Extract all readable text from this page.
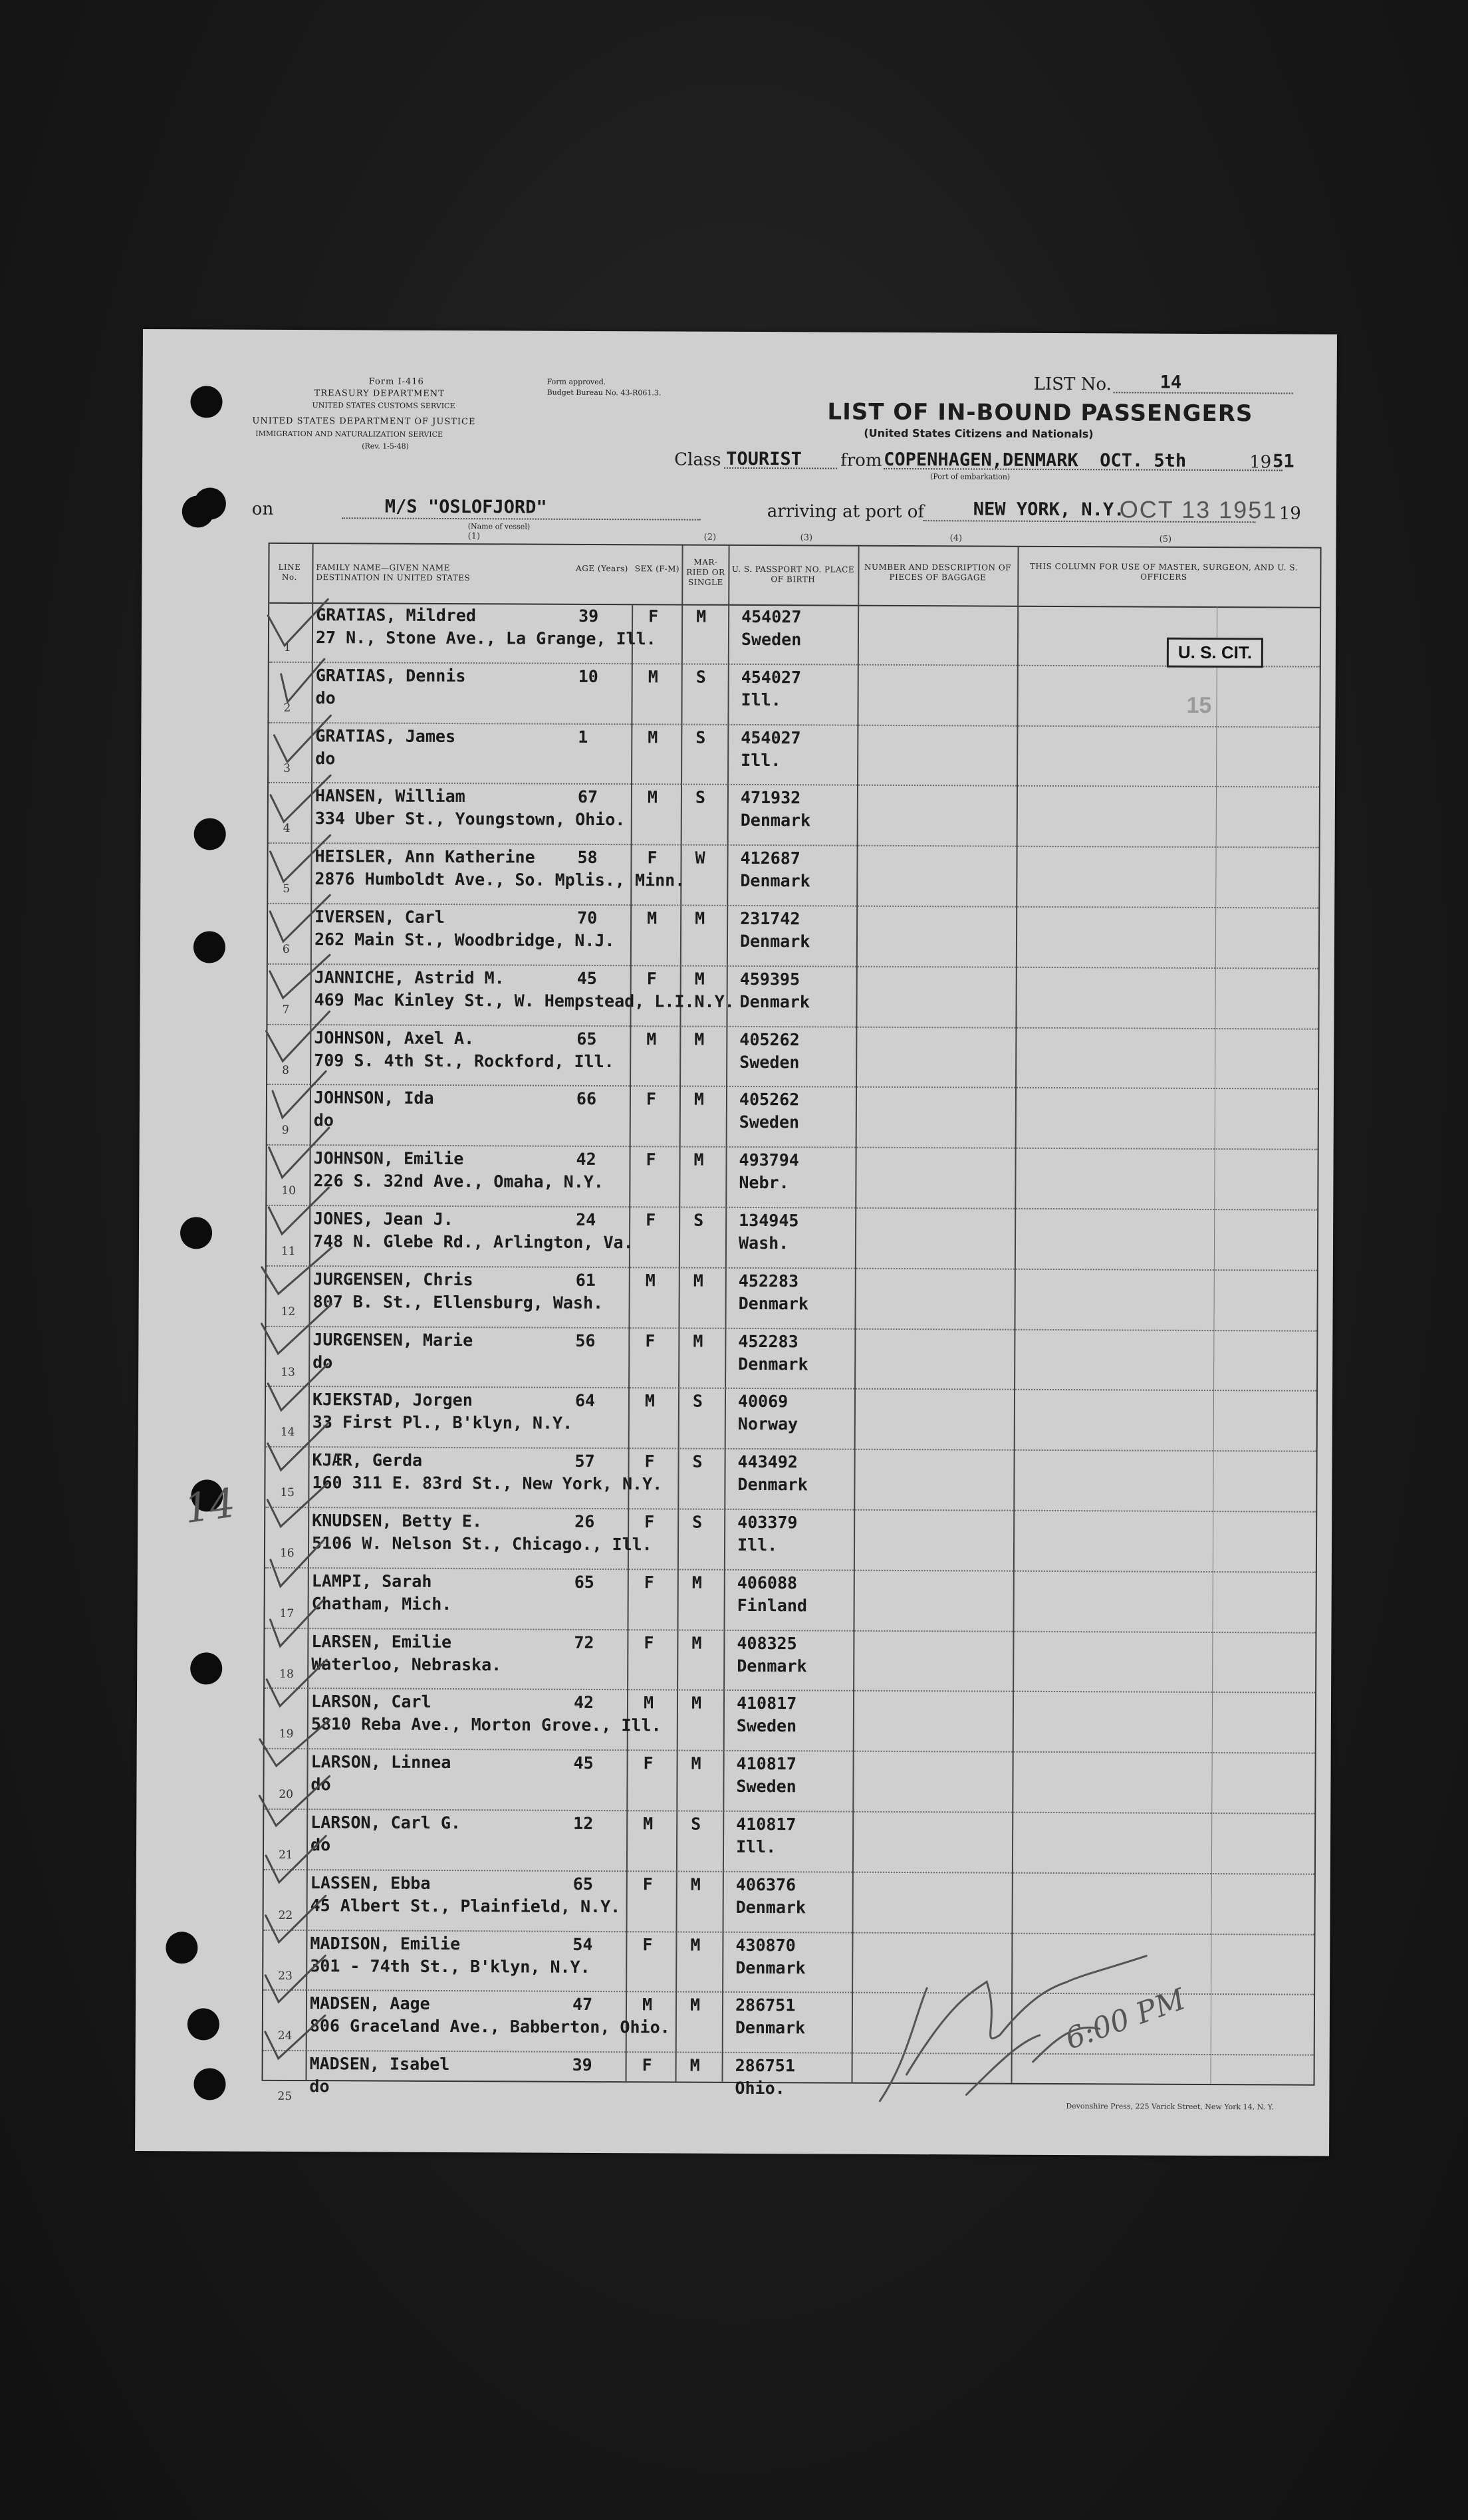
Form I-416
TREASURY DEPARTMENT
UNITED STATES CUSTOMS SERVICE
UNITED STATES DEPARTMENT OF JUSTICE
IMMIGRATION AND NATURALIZATION SERVICE
(Rev. 1-5-48)
Form approved.
Budget Bureau No. 43-R061.3.	LIST No.	14
LIST OF IN-BOUND PASSENGERS
(United States Citizens and Nationals)
Class TOURIST from COPENHAGEN,DENMARK OCT. 5th	19 51
(Port of embarkation)
on	M/S "OSLOFJORD"
(Name of vessel)
arriving at port of	NEW YORK, N.Y.
OCT 13 1951 19
LINE No.
FAMILY NAME—GIVEN NAME DESTINATION IN UNITED STATES
AGE (Years) SEX (F-M)
MAR-RIED OR SINGLE
U. S. PASSPORT NO. PLACE OF BIRTH
NUMBER AND DESCRIPTION OF PIECES OF BAGGAGE
THIS COLUMN FOR USE OF MASTER, SURGEON, AND U. S. OFFICERS
1
GRATIAS, Mildred
27 N., Stone Ave., La Grange, Ill.
39	F M 454027
Sweden
2
GRATIAS, Dennis
do
10	M S 454027
Ill.
3
GRATIAS, James
do
1	M S 454027
Ill.
4
HANSEN, William
334 Uber St., Youngstown, Ohio.
67	M S 471932
Denmark
5
HEISLER, Ann Katherine
2876 Humboldt Ave., So. Mplis., Minn.
58	F W 412687
Denmark
6
IVERSEN, Carl
262 Main St., Woodbridge, N.J.
70	M M 231742
Denmark
7
JANNICHE, Astrid M.
469 Mac Kinley St., W. Hempstead, L.I.N.Y.
45	F M 459395
Denmark
8
JOHNSON, Axel A.
709 S. 4th St., Rockford, Ill.
65	M M 405262
Sweden
9
JOHNSON, Ida
do
66	F M 405262
Sweden
10
JOHNSON, Emilie
226 S. 32nd Ave., Omaha, N.Y.
42	F M 493794
Nebr.
11
JONES, Jean J.
748 N. Glebe Rd., Arlington, Va.
24	F S 134945
Wash.
12
JURGENSEN, Chris
807 B. St., Ellensburg, Wash.
61	M M 452283
Denmark
13
JURGENSEN, Marie
do
56	F M 452283
Denmark
14
KJEKSTAD, Jorgen
33 First Pl., B'klyn, N.Y.
64	M S 40069
Norway
15
KJÆR, Gerda
160 311 E. 83rd St., New York, N.Y.
57	F S 443492
Denmark
16
KNUDSEN, Betty E.
5106 W. Nelson St., Chicago., Ill.
26	F S 403379
Ill.
17
LAMPI, Sarah
Chatham, Mich.
65	F M 406088
Finland
18
LARSEN, Emilie
Waterloo, Nebraska.
72	F M 408325
Denmark
19
LARSON, Carl
5810 Reba Ave., Morton Grove., Ill.
42	M M 410817
Sweden
20
LARSON, Linnea
do
45	F M 410817
Sweden
21
LARSON, Carl G.
do
12	M S 410817
Ill.
22
LASSEN, Ebba
45 Albert St., Plainfield, N.Y.
65	F M 406376
Denmark
23
MADISON, Emilie
301 - 74th St., B'klyn, N.Y.
54	F M 430870
Denmark
24
MADSEN, Aage
806 Graceland Ave., Babberton, Ohio.
47	M M 286751
Denmark
25
MADSEN, Isabel
do
39	F M 286751
Ohio.
U. S. CIT.
15
(1)	(2)	(3)	(4)	(5)
14
6:00 PM
Devonshire Press, 225 Varick Street, New York 14, N. Y.
